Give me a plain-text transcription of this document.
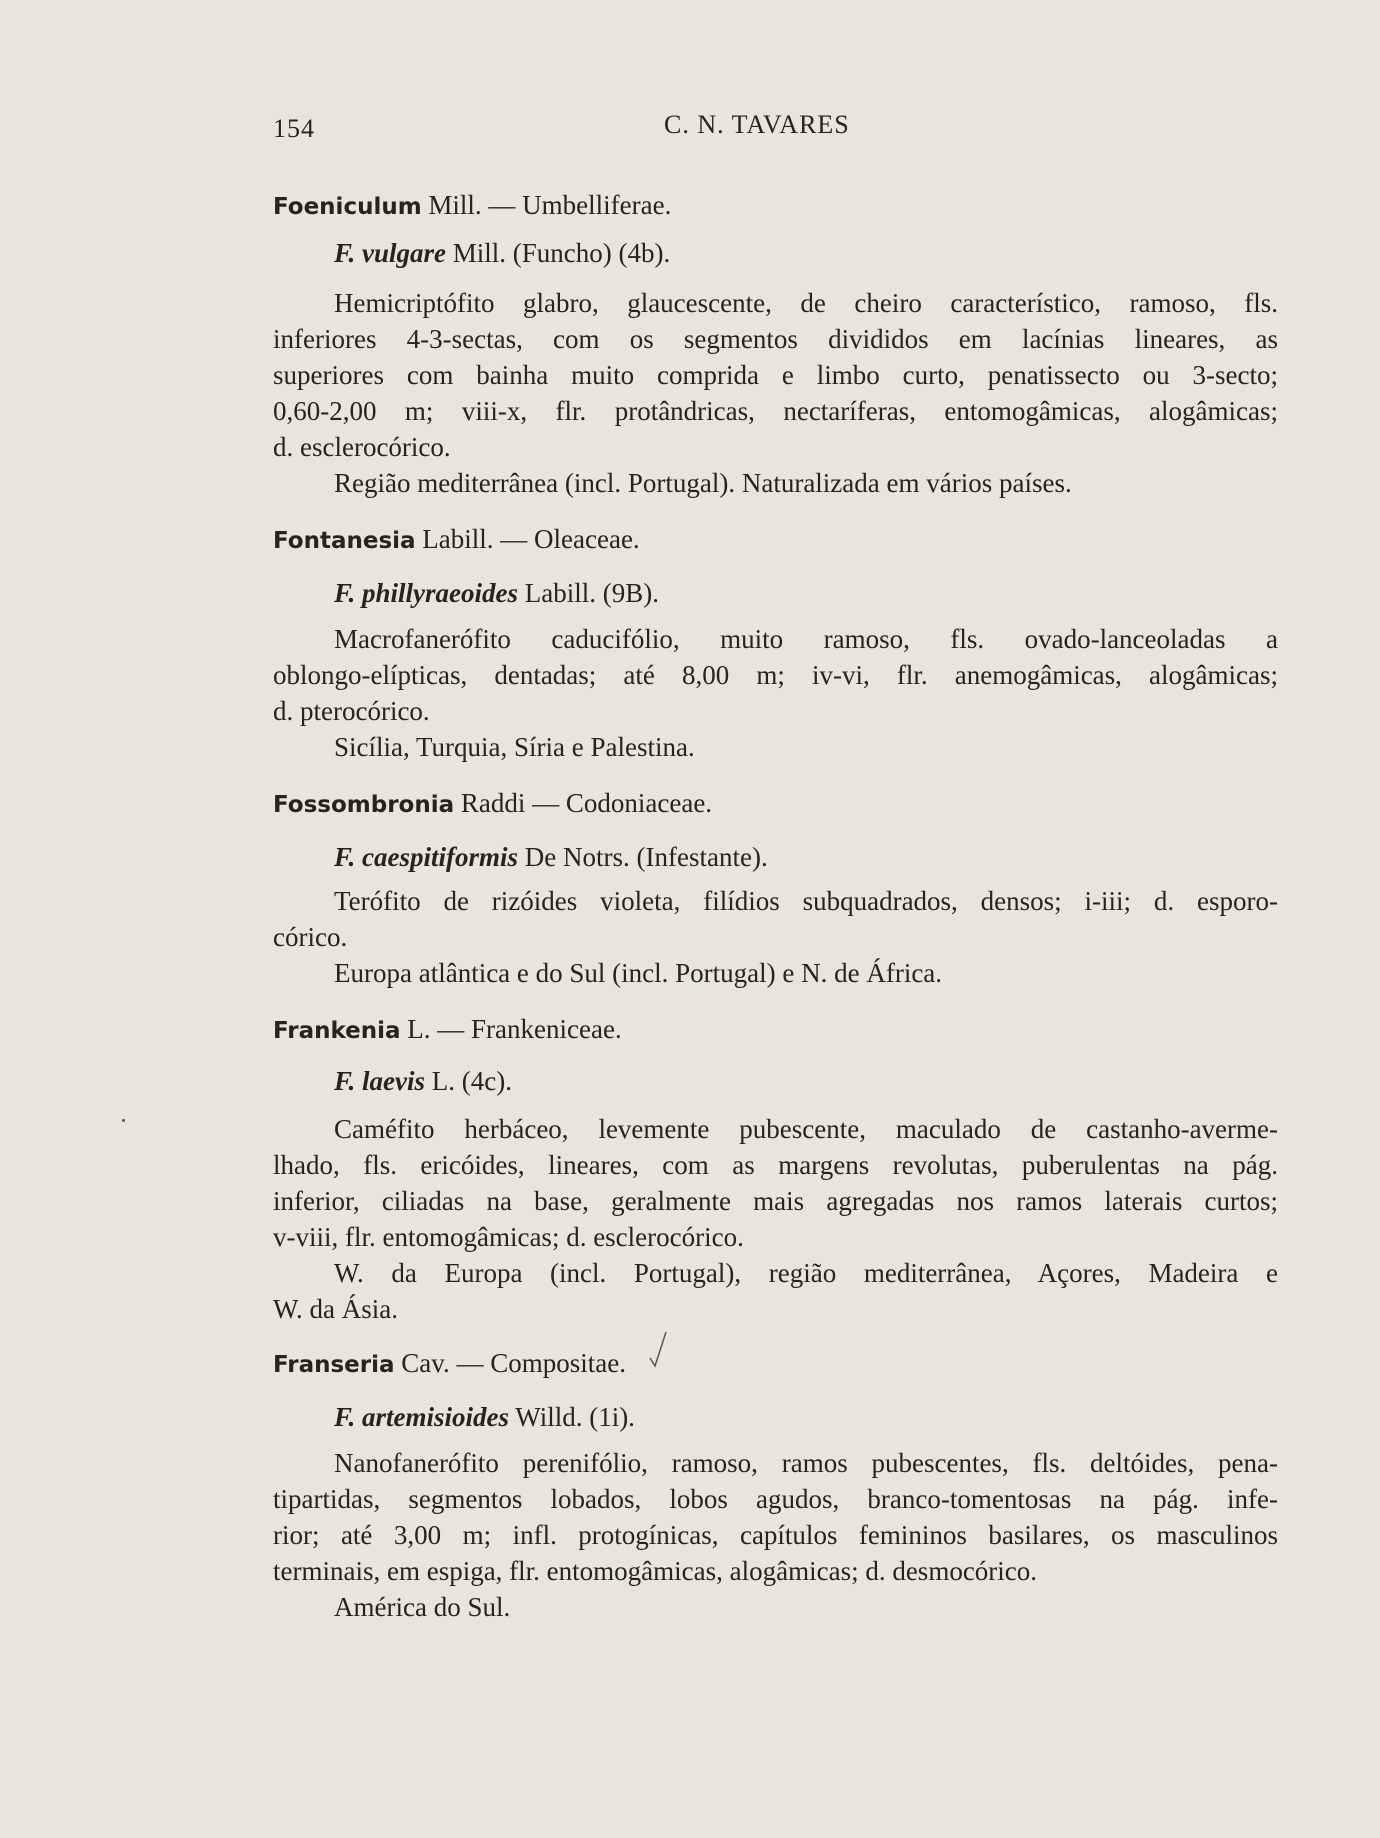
154	C. N. TAVARES
Foeniculum Mill. — Umbelliferae.
F. vulgare Mill. (Funcho) (4b).
Hemicriptófito glabro, glaucescente, de cheiro característico, ramoso, fls.
inferiores 4-3-sectas, com os segmentos divididos em lacínias lineares, as
superiores com bainha muito comprida e limbo curto, penatissecto ou 3-secto;
0,60-2,00 m; viii-x, flr. protândricas, nectaríferas, entomogâmicas, alogâmicas;
d. esclerocórico.
Região mediterrânea (incl. Portugal). Naturalizada em vários países.
Fontanesia Labill. — Oleaceae.
F. phillyraeoides Labill. (9B).
Macrofanerófito caducifólio, muito ramoso, fls. ovado-lanceoladas a
oblongo-elípticas, dentadas; até 8,00 m; iv-vi, flr. anemogâmicas, alogâmicas;
d. pterocórico.
Sicília, Turquia, Síria e Palestina.
Fossombronia Raddi — Codoniaceae.
F. caespitiformis De Notrs. (Infestante).
Terófito de rizóides violeta, filídios subquadrados, densos; i-iii; d. esporo-
córico.
Europa atlântica e do Sul (incl. Portugal) e N. de África.
Frankenia L. — Frankeniceae.
F. laevis L. (4c).
Caméfito herbáceo, levemente pubescente, maculado de castanho-averme-
lhado, fls. ericóides, lineares, com as margens revolutas, puberulentas na pág.
inferior, ciliadas na base, geralmente mais agregadas nos ramos laterais curtos;
v-viii, flr. entomogâmicas; d. esclerocórico.
W. da Europa (incl. Portugal), região mediterrânea, Açores, Madeira e
W. da Ásia.
Franseria Cav. — Compositae.
F. artemisioides Willd. (1i).
Nanofanerófito perenifólio, ramoso, ramos pubescentes, fls. deltóides, pena-
tipartidas, segmentos lobados, lobos agudos, branco-tomentosas na pág. infe-
rior; até 3,00 m; infl. protogínicas, capítulos femininos basilares, os masculinos
terminais, em espiga, flr. entomogâmicas, alogâmicas; d. desmocórico.
América do Sul.
